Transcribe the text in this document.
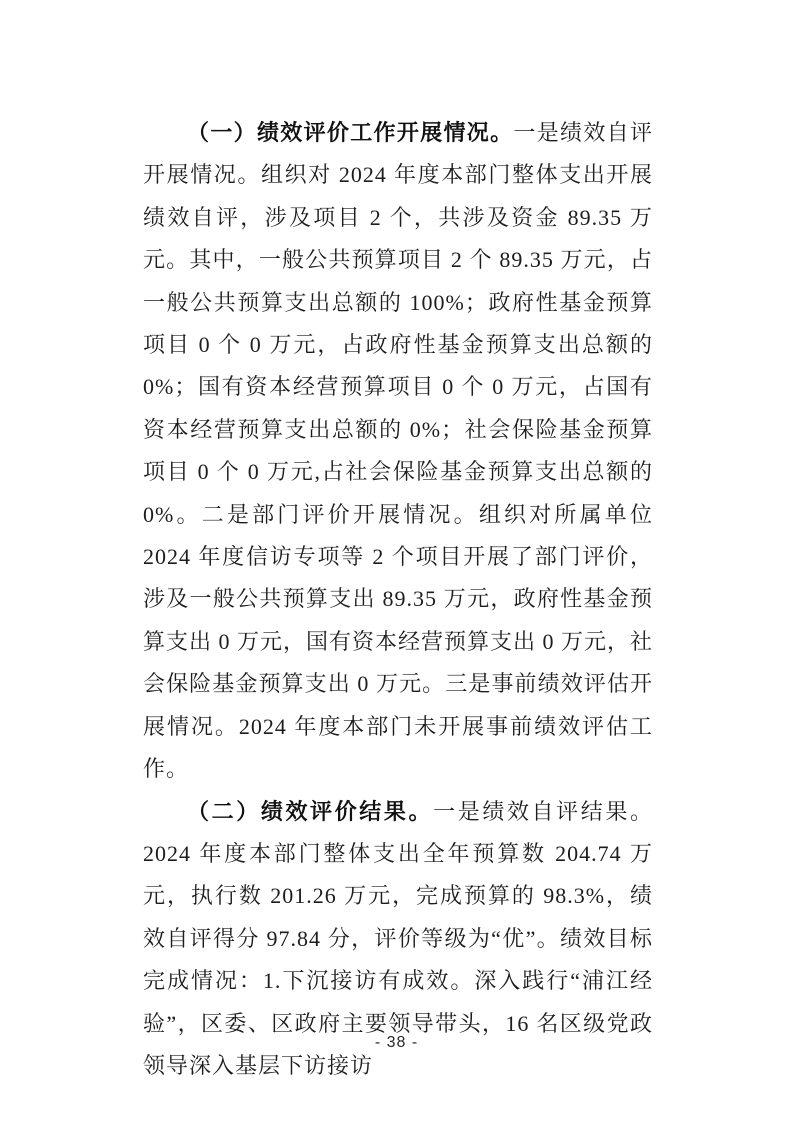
（一）绩效评价工作开展情况。一是绩效自评开展情况。组织对 2024 年度本部门整体支出开展绩效自评，涉及项目 2 个，共涉及资金 89.35 万元。其中，一般公共预算项目 2 个 89.35 万元，占一般公共预算支出总额的 100%；政府性基金预算项目 0 个 0 万元，占政府性基金预算支出总额的 0%；国有资本经营预算项目 0 个 0 万元，占国有资本经营预算支出总额的 0%；社会保险基金预算项目 0 个 0 万元,占社会保险基金预算支出总额的 0%。二是部门评价开展情况。组织对所属单位 2024 年度信访专项等 2 个项目开展了部门评价，涉及一般公共预算支出 89.35 万元，政府性基金预算支出 0 万元，国有资本经营预算支出 0 万元，社会保险基金预算支出 0 万元。三是事前绩效评估开展情况。2024 年度本部门未开展事前绩效评估工作。

（二）绩效评价结果。一是绩效自评结果。2024 年度本部门整体支出全年预算数 204.74 万元，执行数 201.26 万元，完成预算的 98.3%，绩效自评得分 97.84 分，评价等级为“优”。绩效目标完成情况：1.下沉接访有成效。深入践行“浦江经验”，区委、区政府主要领导带头，16 名区级党政领导深入基层下访接访

- 38 -
